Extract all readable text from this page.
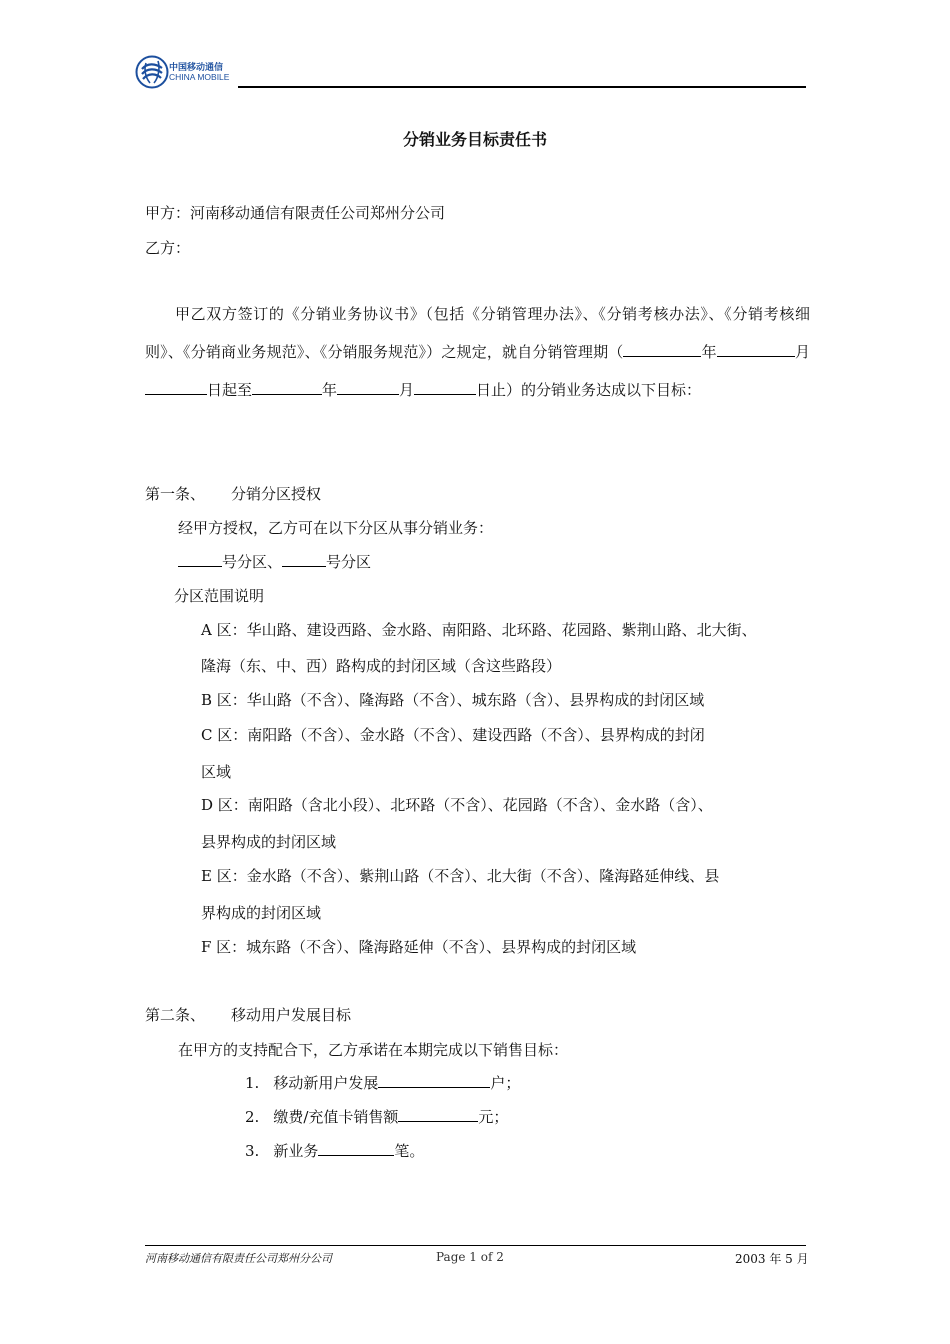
中国移动通信
CHINA MOBILE
分销业务目标责任书
甲方：河南移动通信有限责任公司郑州分公司
乙方：
甲乙双方签订的《分销业务协议书》（包括《分销管理办法》、《分销考核办法》、《分销考核细则》、《分销商业务规范》、《分销服务规范》）之规定，就自分销管理期（	年	月日起至	年	月	日止）的分销业务达成以下目标：
第一条、 分销分区授权
经甲方授权，乙方可在以下分区从事分销业务：
号分区、	号分区
分区范围说明
A 区：华山路、建设西路、金水路、南阳路、北环路、花园路、紫荆山路、北大街、
隆海（东、中、西）路构成的封闭区域（含这些路段）
B 区：华山路（不含）、隆海路（不含）、城东路（含）、县界构成的封闭区域
C 区：南阳路（不含）、金水路（不含）、建设西路（不含）、县界构成的封闭
区域
D 区：南阳路（含北小段）、北环路（不含）、花园路（不含）、金水路（含）、
县界构成的封闭区域
E 区：金水路（不含）、紫荆山路（不含）、北大街（不含）、隆海路延伸线、县
界构成的封闭区域
F 区：城东路（不含）、隆海路延伸（不含）、县界构成的封闭区域
第二条、 移动用户发展目标
在甲方的支持配合下，乙方承诺在本期完成以下销售目标：
1. 移动新用户发展	户；
2. 缴费/充值卡销售额	元；
3. 新业务	笔。
河南移动通信有限责任公司郑州分公司	Page 1 of 2	2003 年 5 月
